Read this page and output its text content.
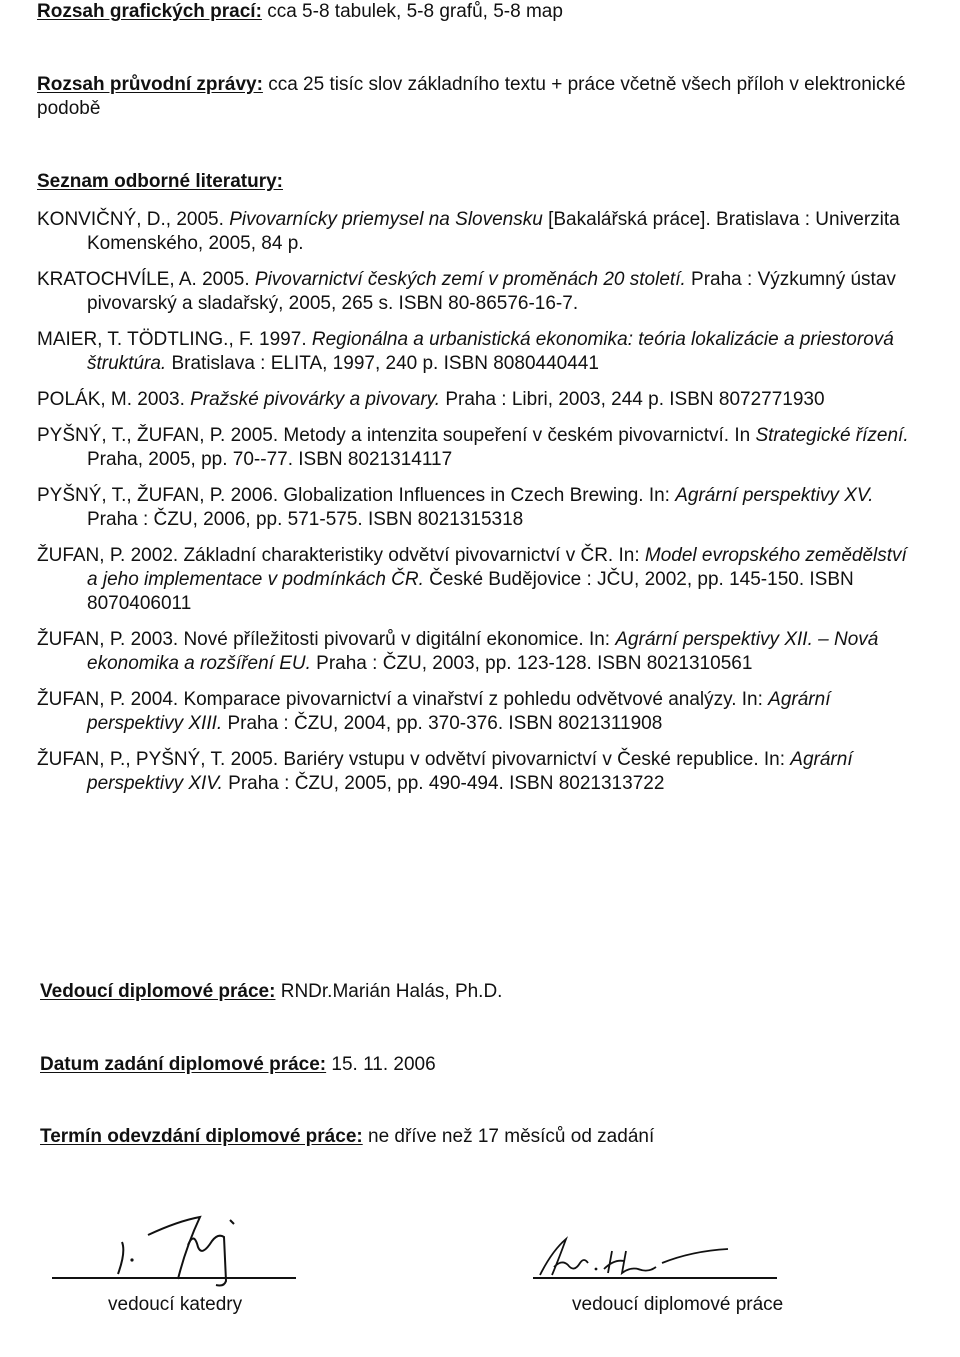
Rozsah grafických prací: cca 5-8 tabulek, 5-8 grafů, 5-8 map
Rozsah průvodní zprávy: cca 25 tisíc slov základního textu + práce včetně všech příloh v elektronické podobě
Seznam odborné literatury:
KONVIČNÝ, D., 2005. Pivovarnícky priemysel na Slovensku [Bakalářská práce]. Bratislava : Univerzita Komenského, 2005, 84 p.
KRATOCHVÍLE, A. 2005. Pivovarnictví českých zemí v proměnách 20 století. Praha : Výzkumný ústav pivovarský a sladařský, 2005, 265 s. ISBN 80-86576-16-7.
MAIER, T. TÖDTLING., F. 1997. Regionálna a urbanistická ekonomika: teória lokalizácie a priestorová štruktúra. Bratislava : ELITA, 1997, 240 p. ISBN 8080440441
POLÁK, M. 2003. Pražské pivovárky a pivovary. Praha : Libri, 2003, 244 p. ISBN 8072771930
PYŠNÝ, T., ŽUFAN, P. 2005. Metody a intenzita soupeření v českém pivovarnictví. In Strategické řízení. Praha, 2005, pp. 70--77. ISBN 8021314117
PYŠNÝ, T., ŽUFAN, P. 2006. Globalization Influences in Czech Brewing. In: Agrární perspektivy XV. Praha : ČZU, 2006, pp. 571-575. ISBN 8021315318
ŽUFAN, P. 2002. Základní charakteristiky odvětví pivovarnictví v ČR. In: Model evropského zemědělství a jeho implementace v podmínkách ČR. České Budějovice : JČU, 2002, pp. 145-150. ISBN 8070406011
ŽUFAN, P. 2003. Nové příležitosti pivovarů v digitální ekonomice. In: Agrární perspektivy XII. – Nová ekonomika a rozšíření EU. Praha : ČZU, 2003, pp. 123-128. ISBN 8021310561
ŽUFAN, P. 2004. Komparace pivovarnictví a vinařství z pohledu odvětvové analýzy. In: Agrární perspektivy XIII. Praha : ČZU, 2004, pp. 370-376. ISBN 8021311908
ŽUFAN, P., PYŠNÝ, T. 2005. Bariéry vstupu v odvětví pivovarnictví v České republice. In: Agrární perspektivy XIV. Praha : ČZU, 2005, pp. 490-494. ISBN 8021313722
Vedoucí diplomové práce: RNDr.Marián Halás, Ph.D.
Datum zadání diplomové práce: 15. 11. 2006
Termín odevzdání diplomové práce: ne dříve než 17 měsíců od zadání
vedoucí katedry	vedoucí diplomové práce
